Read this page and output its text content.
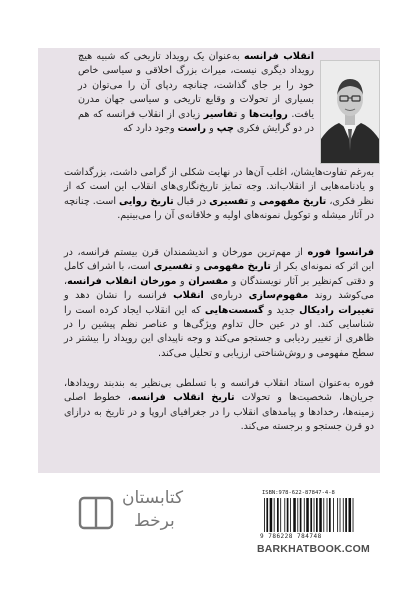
انقلاب فرانسه به‌عنوان یک رویداد تاریخی که شبیه هیچ رویداد دیگری نیست، میراث بزرگ اخلاقی و سیاسی خاص خود را بر جای گذاشت، چنانچه ردپای آن را می‌توان در بسیاری از تحولات و وقایع تاریخی و سیاسی جهان مدرن یافت. روایت‌ها و تفاسیر زیادی از انقلاب فرانسه که هم در دو گرایش فکری چپ و راست وجود دارد که

به‌رغم تفاوت‌هایشان، اغلب آن‌ها در نهایت شکلی از گرامی داشت، بزرگداشت و یادنامه‌هایی از انقلاب‌اند. وجه تمایز تاریخ‌نگاری‌های انقلاب این است که از نظر فکری، تاریخ مفهومی و تفسیری در قبال تاریخ روایی است. چنانچه در آثار میشله و توکویل نمونه‌های اولیه و خلاقانه‌ی آن را می‌بینیم.

فرانسوا فوره از مهم‌ترین مورخان و اندیشمندان قرن بیستم فرانسه، در این اثر که نمونه‌ای بکر از تاریخ مفهومی و تفسیری است، با اشراف کامل و دقتی کم‌نظیر بر آثار نویسندگان و مفسران و مورخان انقلاب فرانسه، می‌کوشد روند مفهوم‌سازی درباره‌ی انقلاب فرانسه را نشان دهد و تغییرات رادیکال جدید و گسست‌هایی که این انقلاب ایجاد کرده است را شناسایی کند. او در عین حال تداوم ویژگی‌ها و عناصر نظم پیشین را در ظاهری از تغییر ردیابی و جستجو می‌کند و وجه ناپیدای این رویداد را بیشتر در سطح مفهومی و روش‌شناختی ارزیابی و تحلیل می‌کند.

فوره به‌عنوان استاد انقلاب فرانسه و با تسلطی بی‌نظیر به بندبند رویدادها، جریان‌ها، شخصیت‌ها و تحولات تاریخ انقلاب فرانسه، خطوط اصلی زمینه‌ها، رخدادها و پیامدهای انقلاب را در جغرافیای اروپا و در تاریخ به درازای دو قرن جستجو و برجسته می‌کند.

کتابستان
برخط
ISBN:978-622-87847-4-8
9 786228 784748
BARKHATBOOK.COM
